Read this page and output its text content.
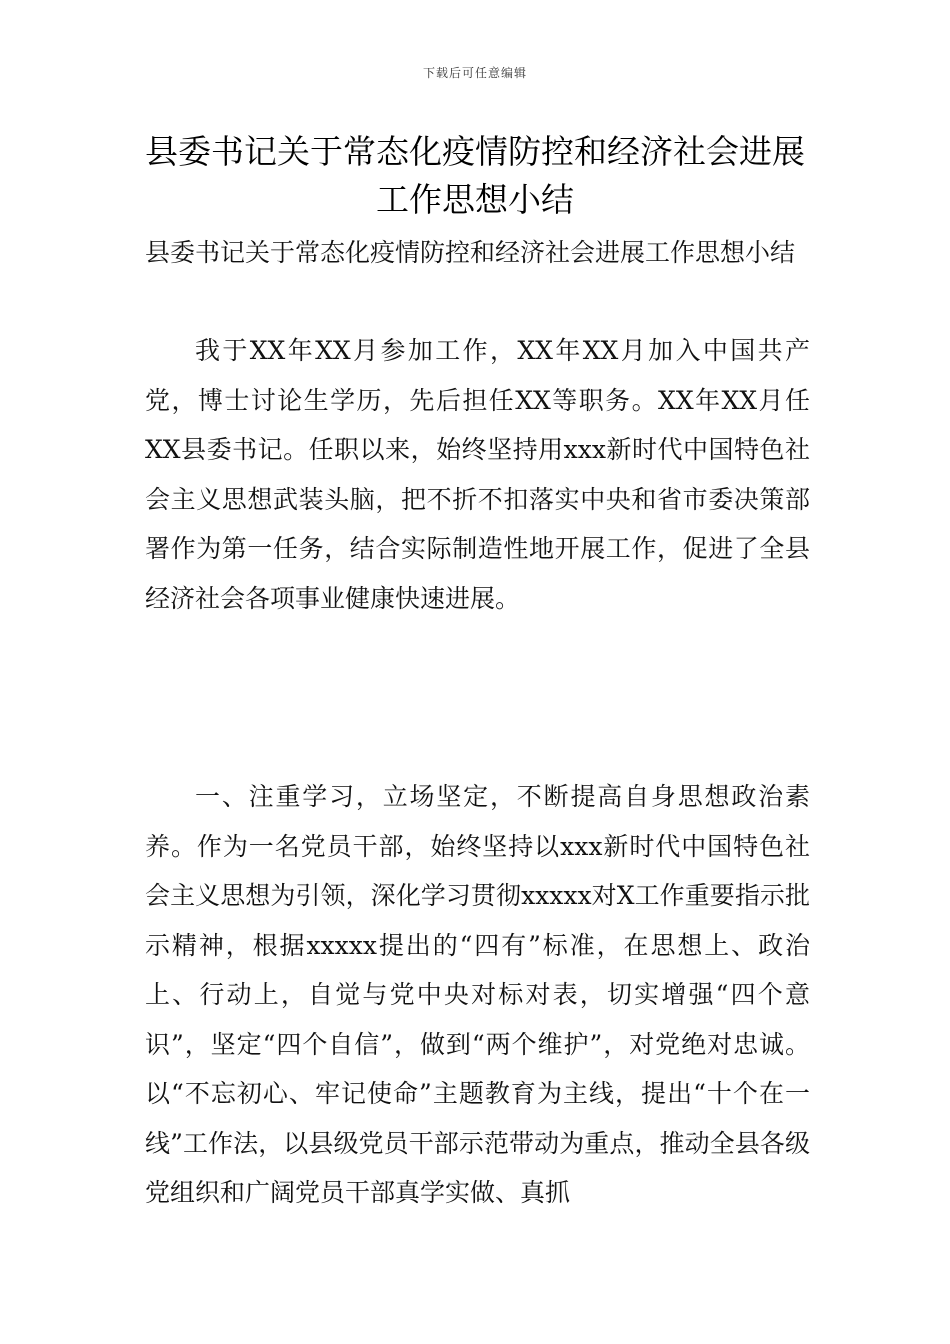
下载后可任意编辑
县委书记关于常态化疫情防控和经济社会进展工作思想小结

县委书记关于常态化疫情防控和经济社会进展工作思想小结

我于XX年XX月参加工作，XX年XX月加入中国共产党，博士讨论生学历，先后担任XX等职务。XX年XX月任XX县委书记。任职以来，始终坚持用xxx新时代中国特色社会主义思想武装头脑，把不折不扣落实中央和省市委决策部署作为第一任务，结合实际制造性地开展工作，促进了全县经济社会各项事业健康快速进展。

一、注重学习，立场坚定，不断提高自身思想政治素养。作为一名党员干部，始终坚持以xxx新时代中国特色社会主义思想为引领，深化学习贯彻xxxxx对X工作重要指示批示精神，根据xxxxx提出的“四有”标准，在思想上、政治上、行动上，自觉与党中央对标对表，切实增强“四个意识”，坚定“四个自信”，做到“两个维护”，对党绝对忠诚。以“不忘初心、牢记使命”主题教育为主线，提出“十个在一线”工作法，以县级党员干部示范带动为重点，推动全县各级党组织和广阔党员干部真学实做、真抓
